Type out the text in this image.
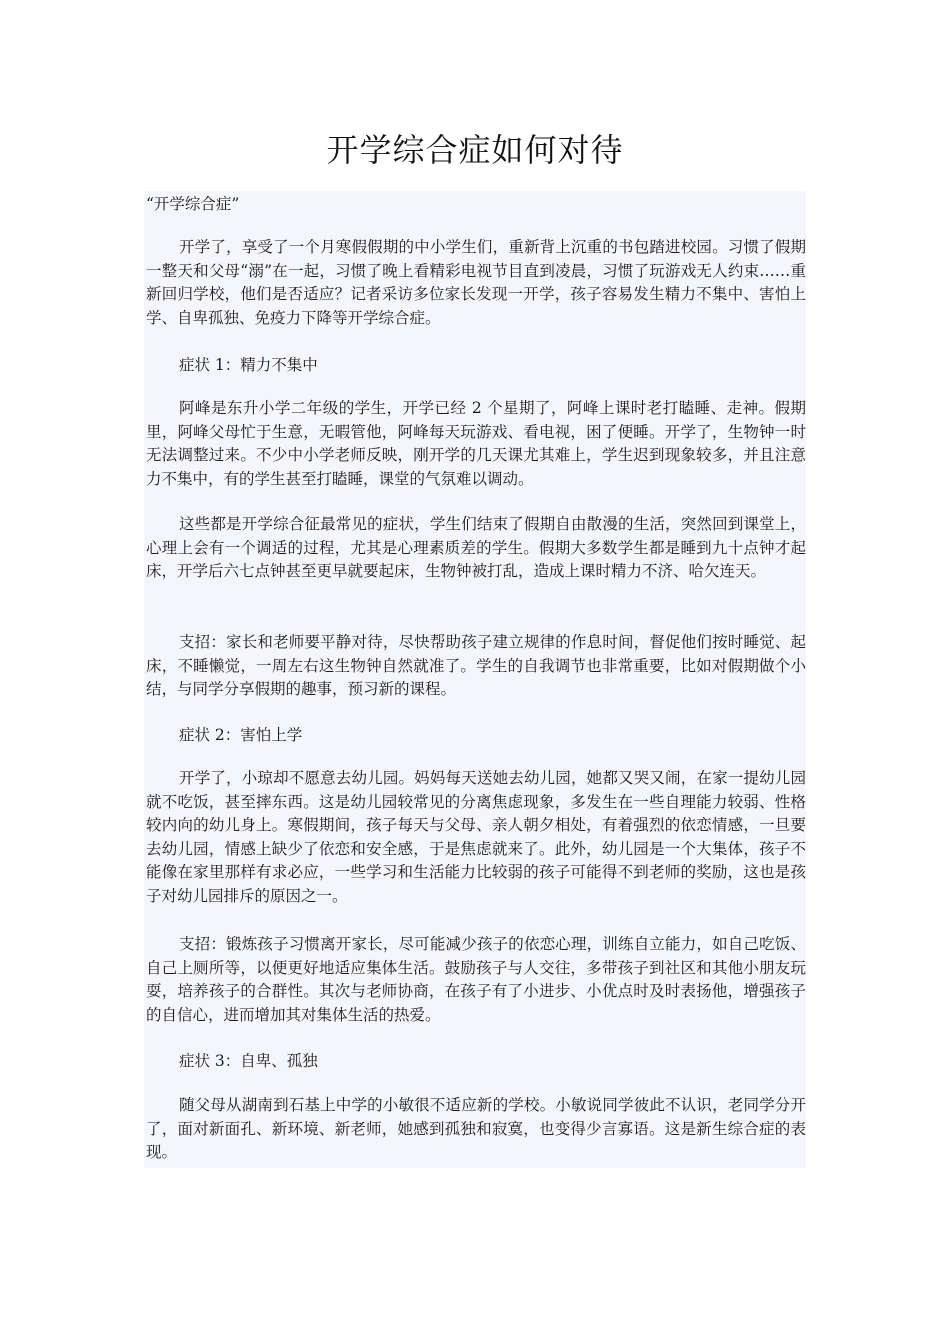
开学综合症如何对待

“开学综合症”

开学了，享受了一个月寒假假期的中小学生们，重新背上沉重的书包踏进校园。习惯了假期一整天和父母“溺”在一起，习惯了晚上看精彩电视节目直到凌晨，习惯了玩游戏无人约束……重新回归学校，他们是否适应？记者采访多位家长发现一开学，孩子容易发生精力不集中、害怕上学、自卑孤独、免疫力下降等开学综合症。

症状 1：精力不集中

阿峰是东升小学二年级的学生，开学已经 2 个星期了，阿峰上课时老打瞌睡、走神。假期里，阿峰父母忙于生意，无暇管他，阿峰每天玩游戏、看电视，困了便睡。开学了，生物钟一时无法调整过来。不少中小学老师反映，刚开学的几天课尤其难上，学生迟到现象较多，并且注意力不集中，有的学生甚至打瞌睡，课堂的气氛难以调动。

这些都是开学综合征最常见的症状，学生们结束了假期自由散漫的生活，突然回到课堂上，心理上会有一个调适的过程，尤其是心理素质差的学生。假期大多数学生都是睡到九十点钟才起床，开学后六七点钟甚至更早就要起床，生物钟被打乱，造成上课时精力不济、哈欠连天。

支招：家长和老师要平静对待，尽快帮助孩子建立规律的作息时间，督促他们按时睡觉、起床，不睡懒觉，一周左右这生物钟自然就准了。学生的自我调节也非常重要，比如对假期做个小结，与同学分享假期的趣事，预习新的课程。

症状 2：害怕上学

开学了，小琼却不愿意去幼儿园。妈妈每天送她去幼儿园，她都又哭又闹，在家一提幼儿园就不吃饭，甚至摔东西。这是幼儿园较常见的分离焦虑现象，多发生在一些自理能力较弱、性格较内向的幼儿身上。寒假期间，孩子每天与父母、亲人朝夕相处，有着强烈的依恋情感，一旦要去幼儿园，情感上缺少了依恋和安全感，于是焦虑就来了。此外，幼儿园是一个大集体，孩子不能像在家里那样有求必应，一些学习和生活能力比较弱的孩子可能得不到老师的奖励，这也是孩子对幼儿园排斥的原因之一。

支招：锻炼孩子习惯离开家长，尽可能减少孩子的依恋心理，训练自立能力，如自己吃饭、自己上厕所等，以便更好地适应集体生活。鼓励孩子与人交往，多带孩子到社区和其他小朋友玩耍，培养孩子的合群性。其次与老师协商，在孩子有了小进步、小优点时及时表扬他，增强孩子的自信心，进而增加其对集体生活的热爱。

症状 3：自卑、孤独

随父母从湖南到石基上中学的小敏很不适应新的学校。小敏说同学彼此不认识，老同学分开了，面对新面孔、新环境、新老师，她感到孤独和寂寞，也变得少言寡语。这是新生综合症的表现。
